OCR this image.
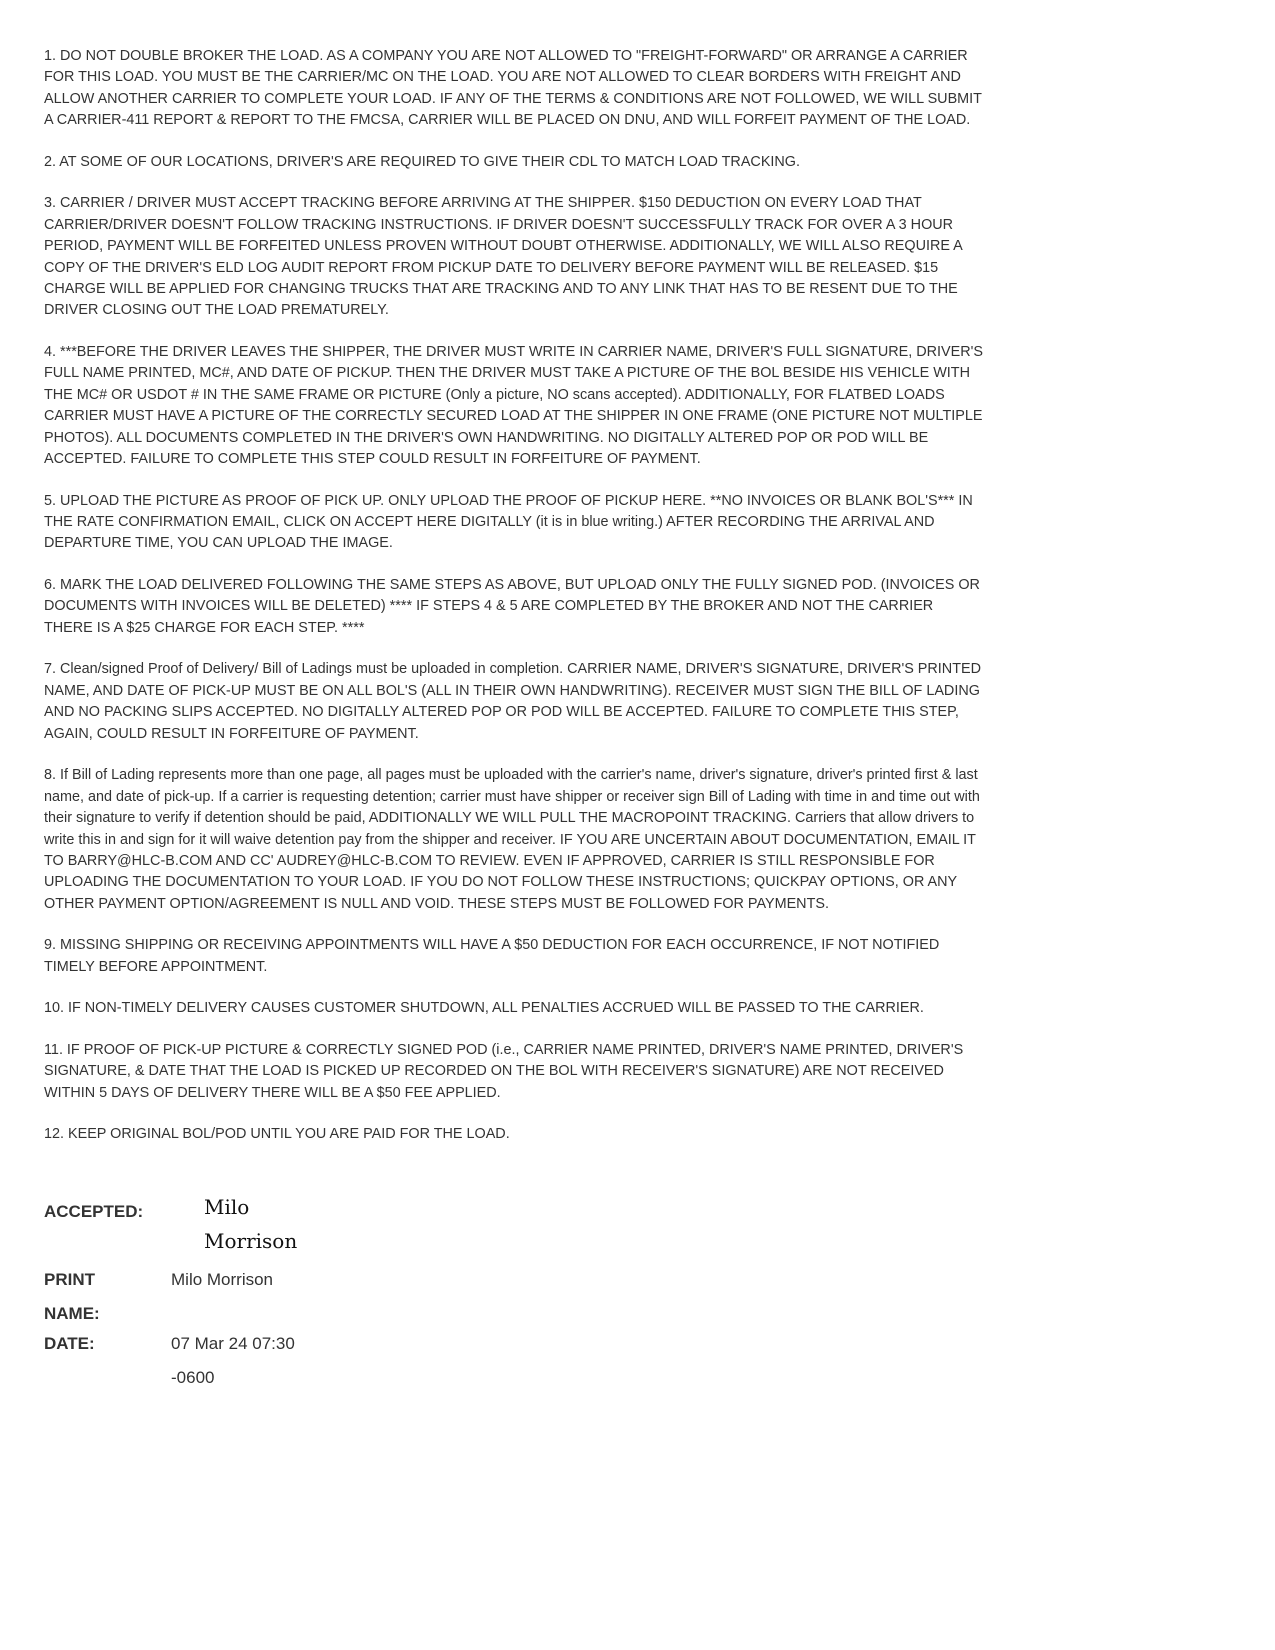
1. DO NOT DOUBLE BROKER THE LOAD. AS A COMPANY YOU ARE NOT ALLOWED TO "FREIGHT-FORWARD" OR ARRANGE A CARRIER
FOR THIS LOAD. YOU MUST BE THE CARRIER/MC ON THE LOAD. YOU ARE NOT ALLOWED TO CLEAR BORDERS WITH FREIGHT AND
ALLOW ANOTHER CARRIER TO COMPLETE YOUR LOAD. IF ANY OF THE TERMS & CONDITIONS ARE NOT FOLLOWED, WE WILL SUBMIT
A CARRIER-411 REPORT & REPORT TO THE FMCSA, CARRIER WILL BE PLACED ON DNU, AND WILL FORFEIT PAYMENT OF THE LOAD.

2. AT SOME OF OUR LOCATIONS, DRIVER'S ARE REQUIRED TO GIVE THEIR CDL TO MATCH LOAD TRACKING.

3. CARRIER / DRIVER MUST ACCEPT TRACKING BEFORE ARRIVING AT THE SHIPPER. $150 DEDUCTION ON EVERY LOAD THAT
CARRIER/DRIVER DOESN'T FOLLOW TRACKING INSTRUCTIONS. IF DRIVER DOESN'T SUCCESSFULLY TRACK FOR OVER A 3 HOUR
PERIOD, PAYMENT WILL BE FORFEITED UNLESS PROVEN WITHOUT DOUBT OTHERWISE. ADDITIONALLY, WE WILL ALSO REQUIRE A
COPY OF THE DRIVER'S ELD LOG AUDIT REPORT FROM PICKUP DATE TO DELIVERY BEFORE PAYMENT WILL BE RELEASED. $15
CHARGE WILL BE APPLIED FOR CHANGING TRUCKS THAT ARE TRACKING AND TO ANY LINK THAT HAS TO BE RESENT DUE TO THE
DRIVER CLOSING OUT THE LOAD PREMATURELY.

4. ***BEFORE THE DRIVER LEAVES THE SHIPPER, THE DRIVER MUST WRITE IN CARRIER NAME, DRIVER'S FULL SIGNATURE, DRIVER'S
FULL NAME PRINTED, MC#, AND DATE OF PICKUP. THEN THE DRIVER MUST TAKE A PICTURE OF THE BOL BESIDE HIS VEHICLE WITH
THE MC# OR USDOT # IN THE SAME FRAME OR PICTURE (Only a picture, NO scans accepted). ADDITIONALLY, FOR FLATBED LOADS
CARRIER MUST HAVE A PICTURE OF THE CORRECTLY SECURED LOAD AT THE SHIPPER IN ONE FRAME (ONE PICTURE NOT MULTIPLE
PHOTOS). ALL DOCUMENTS COMPLETED IN THE DRIVER'S OWN HANDWRITING. NO DIGITALLY ALTERED POP OR POD WILL BE
ACCEPTED. FAILURE TO COMPLETE THIS STEP COULD RESULT IN FORFEITURE OF PAYMENT.

5. UPLOAD THE PICTURE AS PROOF OF PICK UP. ONLY UPLOAD THE PROOF OF PICKUP HERE. **NO INVOICES OR BLANK BOL'S*** IN
THE RATE CONFIRMATION EMAIL, CLICK ON ACCEPT HERE DIGITALLY (it is in blue writing.) AFTER RECORDING THE ARRIVAL AND
DEPARTURE TIME, YOU CAN UPLOAD THE IMAGE.

6. MARK THE LOAD DELIVERED FOLLOWING THE SAME STEPS AS ABOVE, BUT UPLOAD ONLY THE FULLY SIGNED POD. (INVOICES OR
DOCUMENTS WITH INVOICES WILL BE DELETED) **** IF STEPS 4 & 5 ARE COMPLETED BY THE BROKER AND NOT THE CARRIER
THERE IS A $25 CHARGE FOR EACH STEP. ****

7. Clean/signed Proof of Delivery/ Bill of Ladings must be uploaded in completion. CARRIER NAME, DRIVER'S SIGNATURE, DRIVER'S PRINTED
NAME, AND DATE OF PICK-UP MUST BE ON ALL BOL'S (ALL IN THEIR OWN HANDWRITING). RECEIVER MUST SIGN THE BILL OF LADING
AND NO PACKING SLIPS ACCEPTED. NO DIGITALLY ALTERED POP OR POD WILL BE ACCEPTED. FAILURE TO COMPLETE THIS STEP,
AGAIN, COULD RESULT IN FORFEITURE OF PAYMENT.

8. If Bill of Lading represents more than one page, all pages must be uploaded with the carrier's name, driver's signature, driver's printed first & last
name, and date of pick-up. If a carrier is requesting detention; carrier must have shipper or receiver sign Bill of Lading with time in and time out with
their signature to verify if detention should be paid, ADDITIONALLY WE WILL PULL THE MACROPOINT TRACKING. Carriers that allow drivers to
write this in and sign for it will waive detention pay from the shipper and receiver. IF YOU ARE UNCERTAIN ABOUT DOCUMENTATION, EMAIL IT
TO BARRY@HLC-B.COM AND CC' AUDREY@HLC-B.COM TO REVIEW. EVEN IF APPROVED, CARRIER IS STILL RESPONSIBLE FOR
UPLOADING THE DOCUMENTATION TO YOUR LOAD. IF YOU DO NOT FOLLOW THESE INSTRUCTIONS; QUICKPAY OPTIONS, OR ANY
OTHER PAYMENT OPTION/AGREEMENT IS NULL AND VOID. THESE STEPS MUST BE FOLLOWED FOR PAYMENTS.

9. MISSING SHIPPING OR RECEIVING APPOINTMENTS WILL HAVE A $50 DEDUCTION FOR EACH OCCURRENCE, IF NOT NOTIFIED
TIMELY BEFORE APPOINTMENT.

10. IF NON-TIMELY DELIVERY CAUSES CUSTOMER SHUTDOWN, ALL PENALTIES ACCRUED WILL BE PASSED TO THE CARRIER.

11. IF PROOF OF PICK-UP PICTURE & CORRECTLY SIGNED POD (i.e., CARRIER NAME PRINTED, DRIVER'S NAME PRINTED, DRIVER'S
SIGNATURE, & DATE THAT THE LOAD IS PICKED UP RECORDED ON THE BOL WITH RECEIVER'S SIGNATURE) ARE NOT RECEIVED
WITHIN 5 DAYS OF DELIVERY THERE WILL BE A $50 FEE APPLIED.

12. KEEP ORIGINAL BOL/POD UNTIL YOU ARE PAID FOR THE LOAD.

ACCEPTED:	Milo Morrison
PRINT
NAME:
Milo Morrison
DATE:	07 Mar 24 07:30
-0600
